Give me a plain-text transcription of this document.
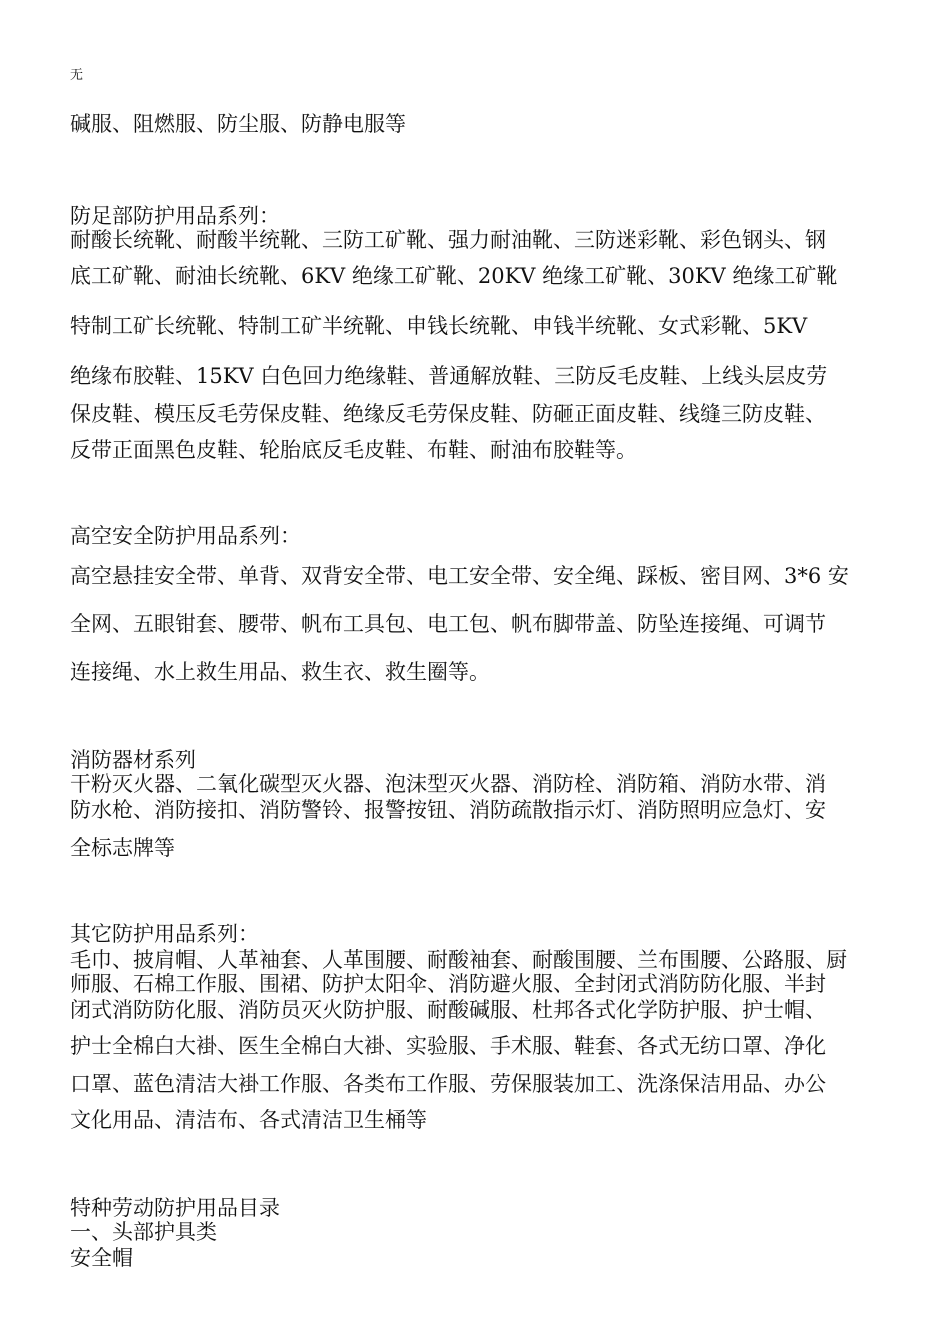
无
碱服、阻燃服、防尘服、防静电服等
防足部防护用品系列：
耐酸长统靴、耐酸半统靴、三防工矿靴、强力耐油靴、三防迷彩靴、彩色钢头、钢
底工矿靴、耐油长统靴、6KV 绝缘工矿靴、20KV 绝缘工矿靴、30KV 绝缘工矿靴
特制工矿长统靴、特制工矿半统靴、申钱长统靴、申钱半统靴、女式彩靴、5KV
绝缘布胶鞋、15KV 白色回力绝缘鞋、普通解放鞋、三防反毛皮鞋、上线头层皮劳
保皮鞋、模压反毛劳保皮鞋、绝缘反毛劳保皮鞋、防砸正面皮鞋、线缝三防皮鞋、
反带正面黑色皮鞋、轮胎底反毛皮鞋、布鞋、耐油布胶鞋等。
高空安全防护用品系列：
高空悬挂安全带、单背、双背安全带、电工安全带、安全绳、踩板、密目网、3*6 安
全网、五眼钳套、腰带、帆布工具包、电工包、帆布脚带盖、防坠连接绳、可调节
连接绳、水上救生用品、救生衣、救生圈等。
消防器材系列
干粉灭火器、二氧化碳型灭火器、泡沫型灭火器、消防栓、消防箱、消防水带、消
防水枪、消防接扣、消防警铃、报警按钮、消防疏散指示灯、消防照明应急灯、安
全标志牌等
其它防护用品系列：
毛巾、披肩帽、人革袖套、人革围腰、耐酸袖套、耐酸围腰、兰布围腰、公路服、厨
师服、石棉工作服、围裙、防护太阳伞、消防避火服、全封闭式消防防化服、半封
闭式消防防化服、消防员灭火防护服、耐酸碱服、杜邦各式化学防护服、护士帽、
护士全棉白大褂、医生全棉白大褂、实验服、手术服、鞋套、各式无纺口罩、净化
口罩、蓝色清洁大褂工作服、各类布工作服、劳保服装加工、洗涤保洁用品、办公
文化用品、清洁布、各式清洁卫生桶等
特种劳动防护用品目录
一、头部护具类
安全帽
